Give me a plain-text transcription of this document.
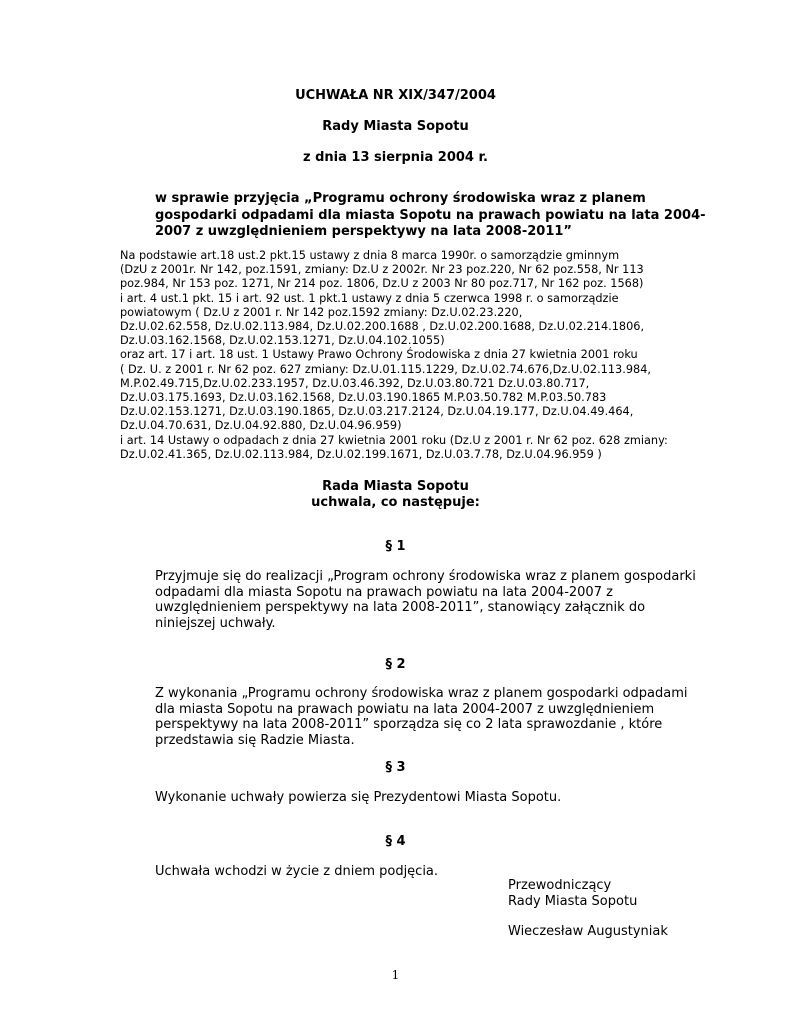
UCHWAŁA NR XIX/347/2004
Rady Miasta Sopotu
z dnia 13 sierpnia 2004 r.
w sprawie przyjęcia „Programu ochrony środowiska wraz z planem
gospodarki odpadami dla miasta Sopotu na prawach powiatu na lata 2004-
2007 z uwzględnieniem perspektywy na lata 2008-2011”
Na podstawie art.18 ust.2 pkt.15 ustawy z dnia 8 marca 1990r. o samorządzie gminnym
(DzU z 2001r. Nr 142, poz.1591, zmiany: Dz.U z 2002r. Nr 23 poz.220, Nr 62 poz.558, Nr 113
poz.984, Nr 153 poz. 1271, Nr 214 poz. 1806, Dz.U z 2003 Nr 80 poz.717, Nr 162 poz. 1568)
i art. 4 ust.1 pkt. 15 i art. 92 ust. 1 pkt.1 ustawy z dnia 5 czerwca 1998 r. o samorządzie
powiatowym ( Dz.U z 2001 r. Nr 142 poz.1592 zmiany: Dz.U.02.23.220,
Dz.U.02.62.558, Dz.U.02.113.984, Dz.U.02.200.1688 , Dz.U.02.200.1688, Dz.U.02.214.1806,
Dz.U.03.162.1568, Dz.U.02.153.1271, Dz.U.04.102.1055)
oraz art. 17 i art. 18 ust. 1 Ustawy Prawo Ochrony Środowiska z dnia 27 kwietnia 2001 roku
( Dz. U. z 2001 r. Nr 62 poz. 627 zmiany: Dz.U.01.115.1229, Dz.U.02.74.676,Dz.U.02.113.984,
M.P.02.49.715,Dz.U.02.233.1957, Dz.U.03.46.392, Dz.U.03.80.721 Dz.U.03.80.717,
Dz.U.03.175.1693, Dz.U.03.162.1568, Dz.U.03.190.1865 M.P.03.50.782 M.P.03.50.783
Dz.U.02.153.1271, Dz.U.03.190.1865, Dz.U.03.217.2124, Dz.U.04.19.177, Dz.U.04.49.464,
Dz.U.04.70.631, Dz.U.04.92.880, Dz.U.04.96.959)
i art. 14 Ustawy o odpadach z dnia 27 kwietnia 2001 roku (Dz.U z 2001 r. Nr 62 poz. 628 zmiany:
Dz.U.02.41.365, Dz.U.02.113.984, Dz.U.02.199.1671, Dz.U.03.7.78, Dz.U.04.96.959 )
Rada Miasta Sopotu
uchwala, co następuje:
§ 1
Przyjmuje się do realizacji „Program ochrony środowiska wraz z planem gospodarki
odpadami dla miasta Sopotu na prawach powiatu na lata 2004-2007 z
uwzględnieniem perspektywy na lata 2008-2011”, stanowiący załącznik do
niniejszej uchwały.
§ 2
Z wykonania „Programu ochrony środowiska wraz z planem gospodarki odpadami
dla miasta Sopotu na prawach powiatu na lata 2004-2007 z uwzględnieniem
perspektywy na lata 2008-2011” sporządza się co 2 lata sprawozdanie , które
przedstawia się Radzie Miasta.
§ 3
Wykonanie uchwały powierza się Prezydentowi Miasta Sopotu.
§ 4
Uchwała wchodzi w życie z dniem podjęcia.
Przewodniczący
Rady Miasta Sopotu
Wieczesław Augustyniak
1
